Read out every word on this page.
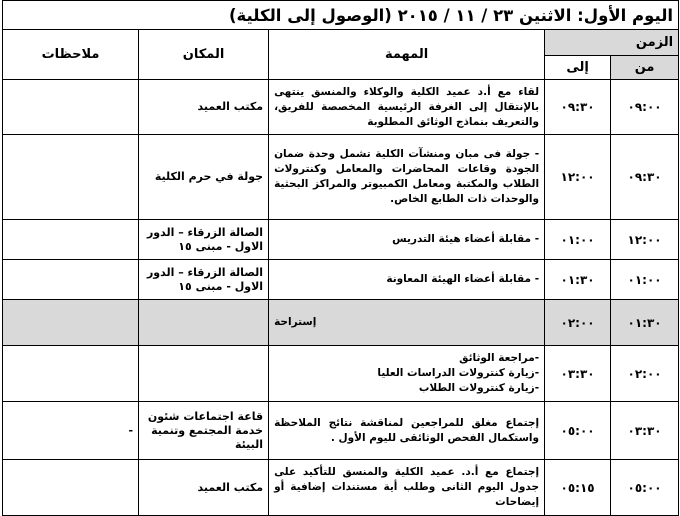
اليوم الأول: الاثنين ٢٣ / ١١ / ٢٠١٥ (الوصول إلى الكلية)				
الزمن		المهمة	المكان	ملاحظات
من	إلى			
٠٩:٠٠	٠٩:٣٠	لقاء مع أ.د عميد الكلية والوكلاء والمنسق ينتهى بالإنتقال إلى الغرفة الرئيسية المخصصة للفريق، والتعريف بنماذج الوثائق المطلوبة	مكتب العميد	
٠٩:٣٠	١٢:٠٠	- جولة فى مبان ومنشآت الكلية تشمل وحدة ضمان الجودة وقاعات المحاضرات والمعامل وكنترولات الطلاب والمكتبة ومعامل الكمبيوتر والمراكز البحثية والوحدات ذات الطابع الخاص.	جولة في حرم الكلية	
١٢:٠٠	٠١:٠٠	- مقابلة أعضاء هيئة التدريس	الصالة الزرقاء – الدور الاول - مبنى ١٥	
٠١:٠٠	٠١:٣٠	- مقابلة أعضاء الهيئة المعاونة	الصالة الزرقاء – الدور الاول - مبنى ١٥	
٠١:٣٠	٠٢:٠٠	إستراحة		
٠٢:٠٠	٠٣:٣٠	-مراجعة الوثائق
-زيارة كنترولات الدراسات العليا
-زيارة كنترولات الطلاب		

٠٣:٣٠	٠٥:٠٠	إجتماع مغلق للمراجعين لمناقشة نتائج الملاحظة واستكمال الفحص الوثائقى لليوم الأول .	قاعة اجتماعات شئون خدمة المجتمع وتنمية البيئة	-
٠٥:٠٠	٠٥:١٥	إجتماع مع أ.د. عميد الكلية والمنسق للتأكيد على جدول اليوم الثانى وطلب أية مستندات إضافية أو إيضاحات	مكتب العميد	
